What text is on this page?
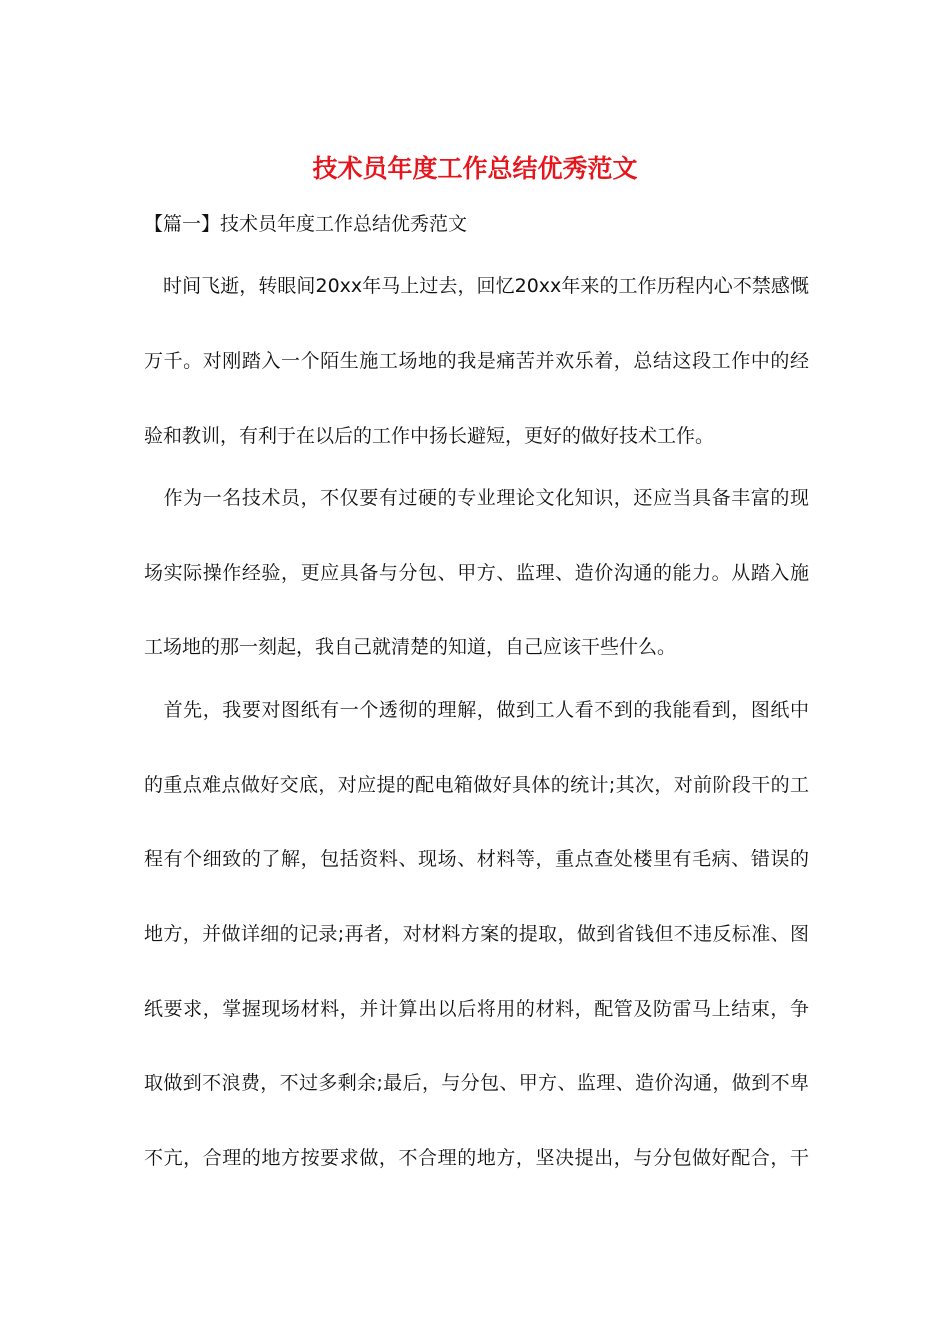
技术员年度工作总结优秀范文

【篇一】技术员年度工作总结优秀范文

　时间飞逝，转眼间20xx年马上过去，回忆20xx年来的工作历程内心不禁感慨

万千。对刚踏入一个陌生施工场地的我是痛苦并欢乐着，总结这段工作中的经

验和教训，有利于在以后的工作中扬长避短，更好的做好技术工作。

　作为一名技术员，不仅要有过硬的专业理论文化知识，还应当具备丰富的现

场实际操作经验，更应具备与分包、甲方、监理、造价沟通的能力。从踏入施

工场地的那一刻起，我自己就清楚的知道，自己应该干些什么。

　首先，我要对图纸有一个透彻的理解，做到工人看不到的我能看到，图纸中

的重点难点做好交底，对应提的配电箱做好具体的统计;其次，对前阶段干的工

程有个细致的了解，包括资料、现场、材料等，重点查处楼里有毛病、错误的

地方，并做详细的记录;再者，对材料方案的提取，做到省钱但不违反标准、图

纸要求，掌握现场材料，并计算出以后将用的材料，配管及防雷马上结束，争

取做到不浪费，不过多剩余;最后，与分包、甲方、监理、造价沟通，做到不卑

不亢，合理的地方按要求做，不合理的地方，坚决提出，与分包做好配合，干
